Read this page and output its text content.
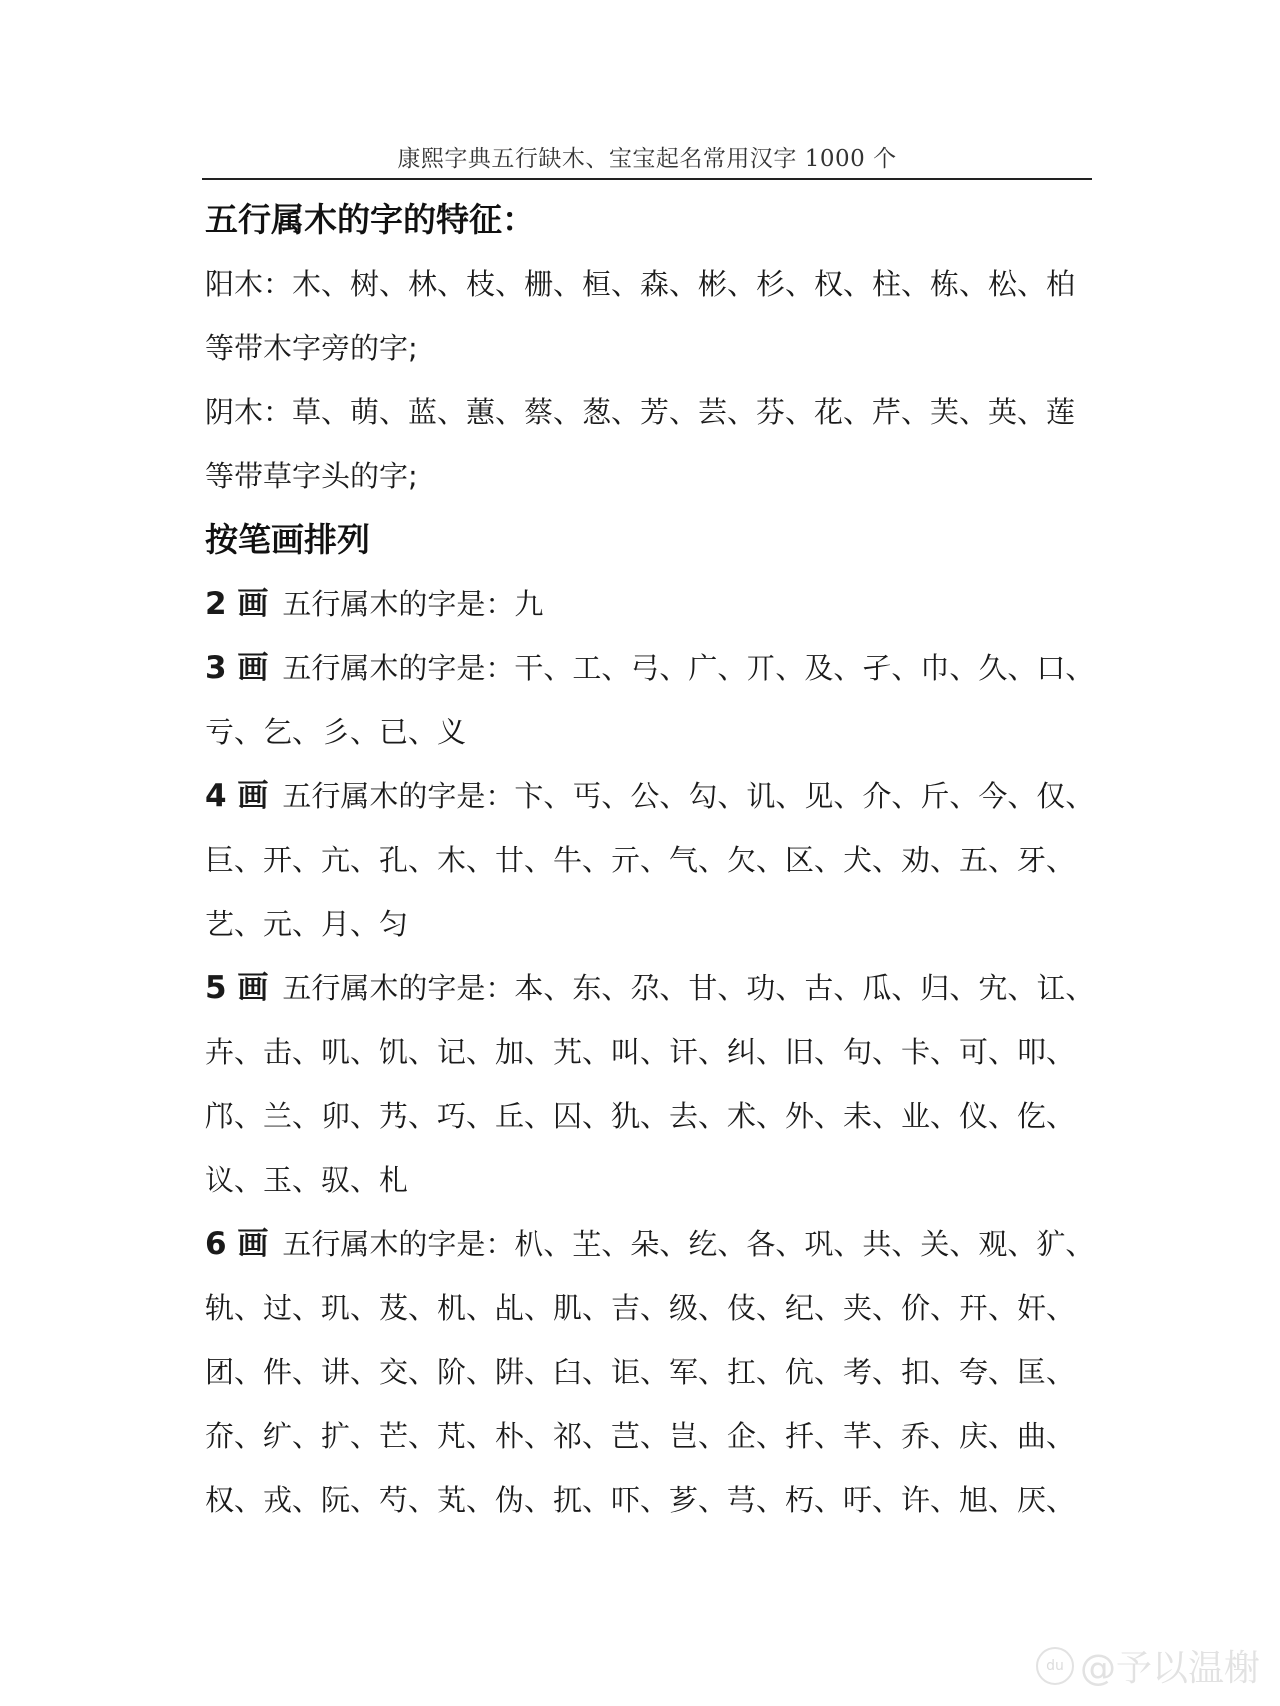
康熙字典五行缺木、宝宝起名常用汉字 1000 个
五行属木的字的特征：
阳木：木、树、林、枝、栅、桓、森、彬、杉、权、柱、栋、松、柏
等带木字旁的字;
阴木：草、萌、蓝、蕙、蔡、葱、芳、芸、芬、花、芹、芙、英、莲
等带草字头的字;
按笔画排列
2 画 五行属木的字是：九
3 画 五行属木的字是：干、工、弓、广、丌、及、孑、巾、久、口、
亏、乞、彡、已、义
4 画 五行属木的字是：卞、丐、公、勾、讥、见、介、斤、今、仅、
巨、开、亢、孔、木、廿、牛、亓、气、欠、区、犬、劝、五、牙、
艺、元、月、匀
5 画 五行属木的字是：本、东、尕、甘、功、古、瓜、归、宄、讧、
卉、击、叽、饥、记、加、艽、叫、讦、纠、旧、句、卡、可、叩、
邝、兰、卯、艿、巧、丘、囚、犰、去、术、外、未、业、仪、仡、
议、玉、驭、札
6 画 五行属木的字是：朳、芏、朵、纥、各、巩、共、关、观、犷、
轨、过、玑、芨、机、乩、肌、吉、级、伎、纪、夹、价、幵、奸、
团、件、讲、交、阶、阱、臼、讵、军、扛、伉、考、扣、夸、匡、
夼、纩、扩、芒、芃、朴、祁、芑、岂、企、扦、芊、乔、庆、曲、
权、戎、阮、芍、芄、伪、扤、吓、芗、芎、朽、吁、许、旭、厌、
du @予以温榭
